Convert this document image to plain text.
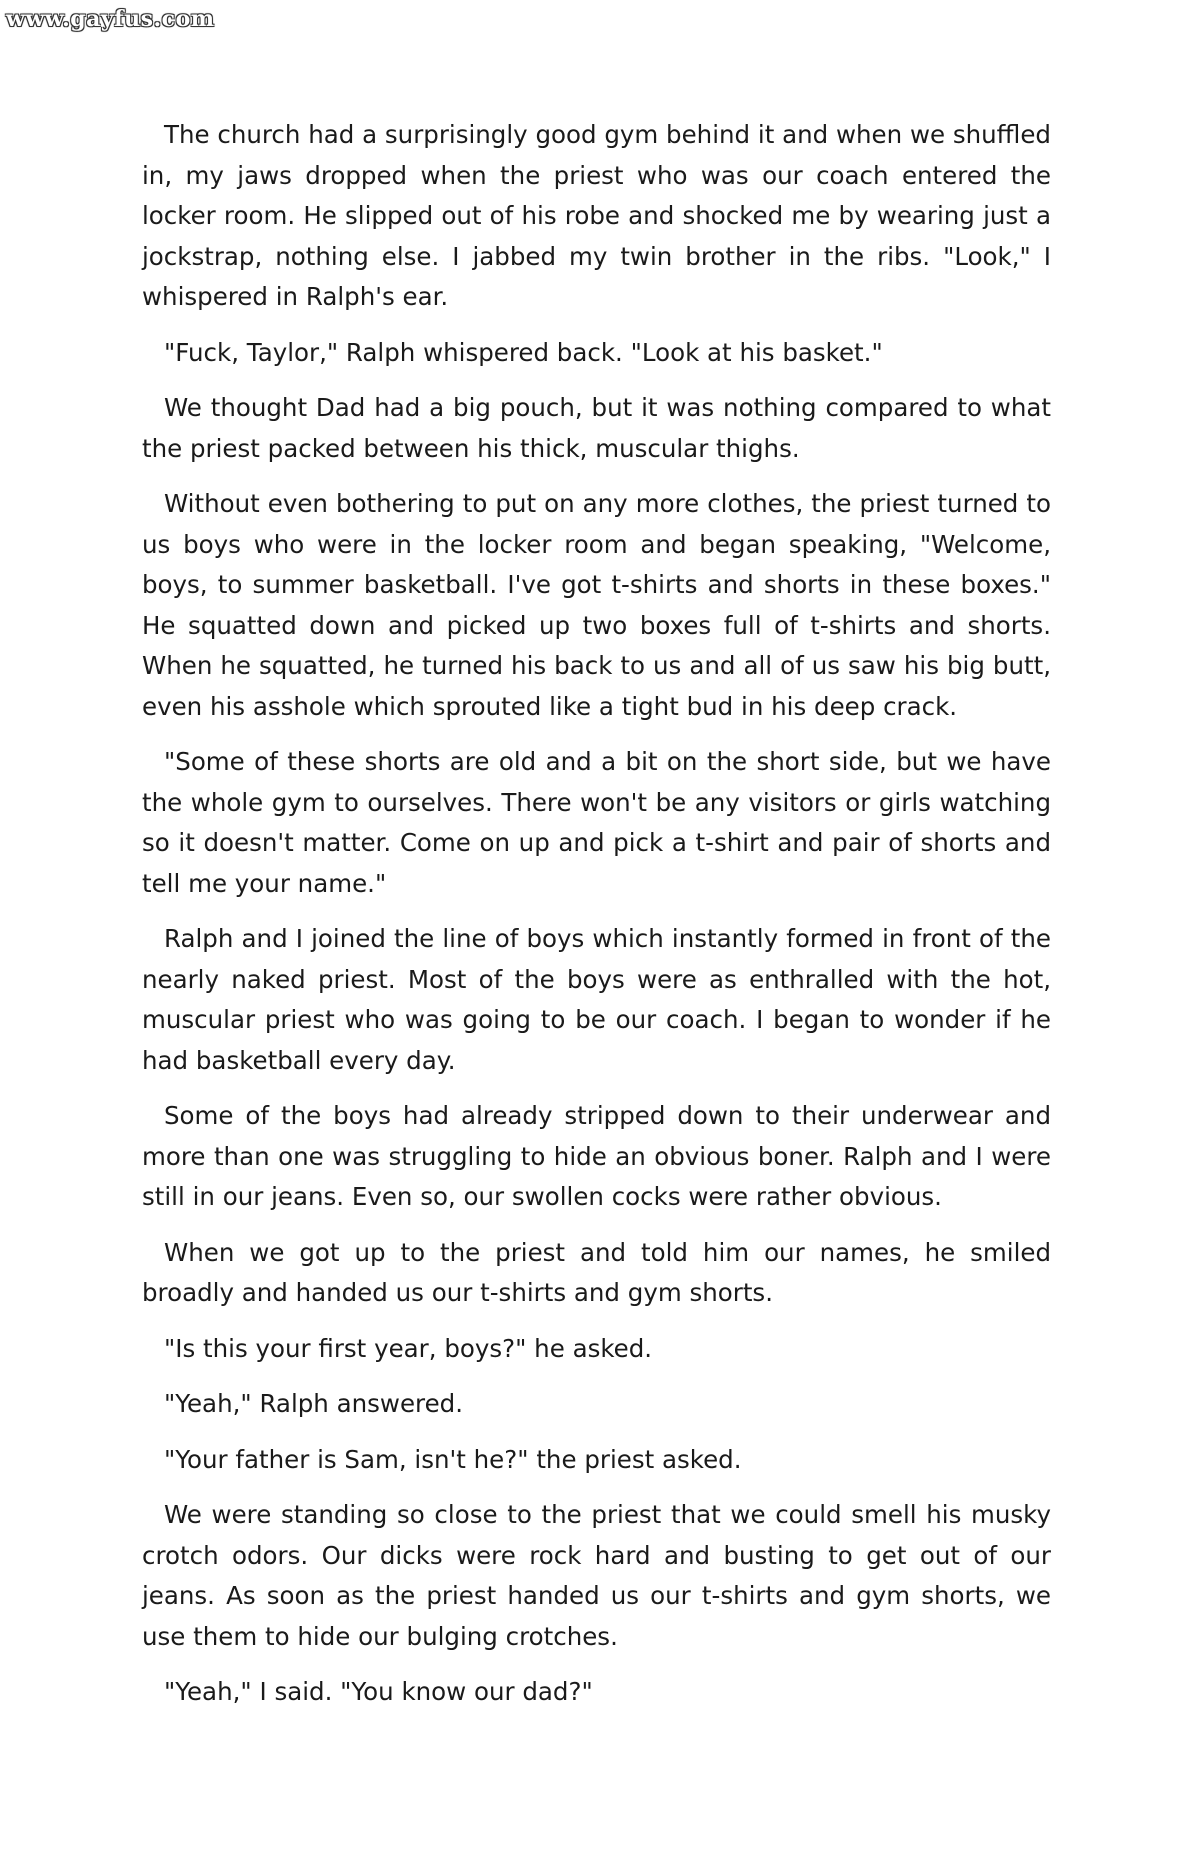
www.gayfus.com

The church had a surprisingly good gym behind it and when we shuffled in, my jaws dropped when the priest who was our coach entered the locker room. He slipped out of his robe and shocked me by wearing just a jockstrap, nothing else. I jabbed my twin brother in the ribs. "Look," I whispered in Ralph's ear.

"Fuck, Taylor," Ralph whispered back. "Look at his basket."

We thought Dad had a big pouch, but it was nothing compared to what the priest packed between his thick, muscular thighs.

Without even bothering to put on any more clothes, the priest turned to us boys who were in the locker room and began speaking, "Welcome, boys, to summer basketball. I've got t-shirts and shorts in these boxes." He squatted down and picked up two boxes full of t-shirts and shorts. When he squatted, he turned his back to us and all of us saw his big butt, even his asshole which sprouted like a tight bud in his deep crack.

"Some of these shorts are old and a bit on the short side, but we have the whole gym to ourselves. There won't be any visitors or girls watching so it doesn't matter. Come on up and pick a t-shirt and pair of shorts and tell me your name."

Ralph and I joined the line of boys which instantly formed in front of the nearly naked priest. Most of the boys were as enthralled with the hot, muscular priest who was going to be our coach. I began to wonder if he had basketball every day.

Some of the boys had already stripped down to their underwear and more than one was struggling to hide an obvious boner. Ralph and I were still in our jeans. Even so, our swollen cocks were rather obvious.

When we got up to the priest and told him our names, he smiled broadly and handed us our t-shirts and gym shorts.

"Is this your first year, boys?" he asked.

"Yeah," Ralph answered.

"Your father is Sam, isn't he?" the priest asked.

We were standing so close to the priest that we could smell his musky crotch odors. Our dicks were rock hard and busting to get out of our jeans. As soon as the priest handed us our t-shirts and gym shorts, we use them to hide our bulging crotches.

"Yeah," I said. "You know our dad?"
